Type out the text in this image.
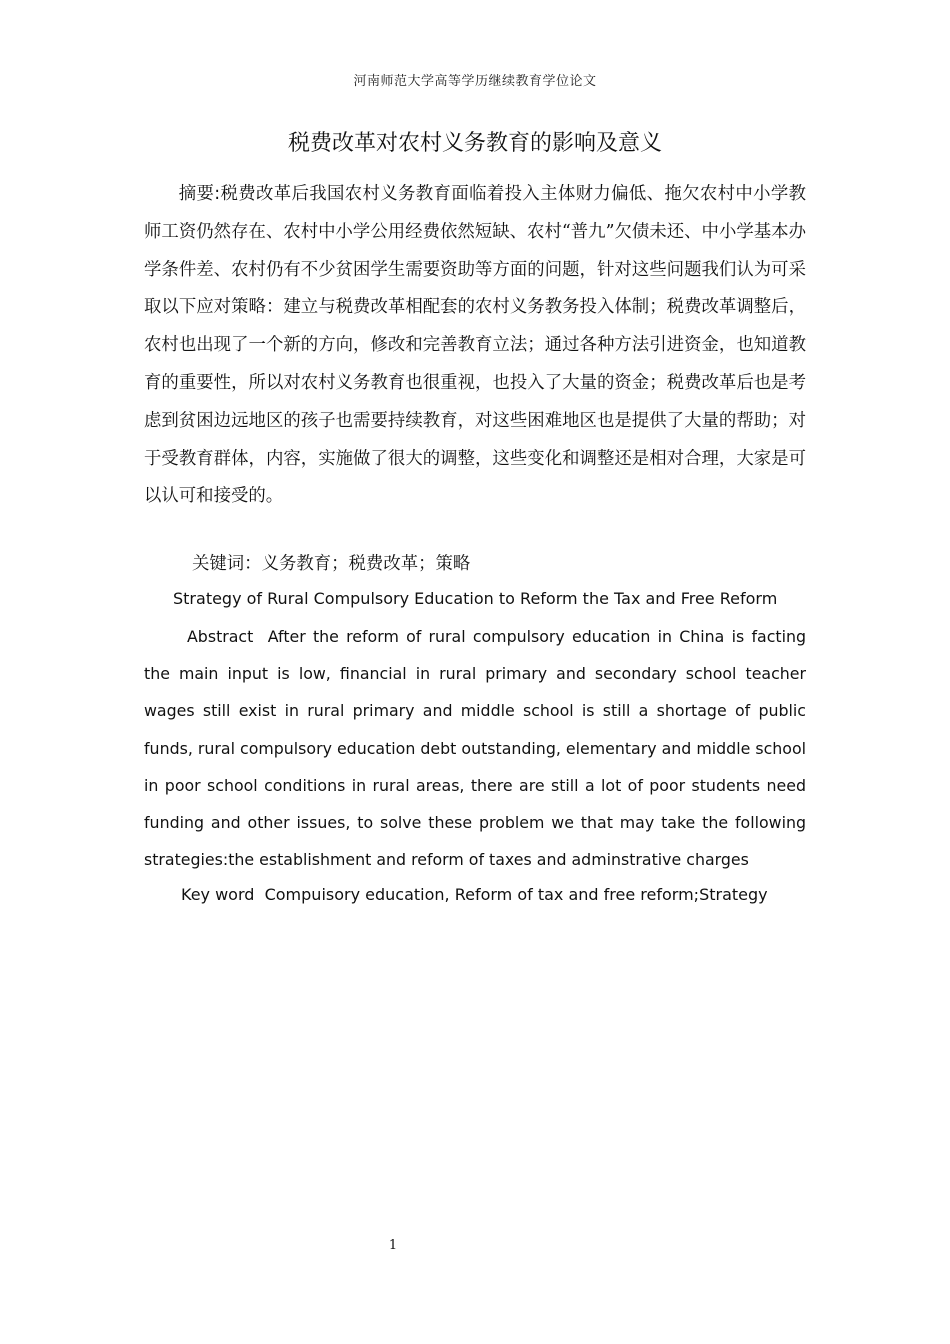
河南师范大学高等学历继续教育学位论文
税费改革对农村义务教育的影响及意义

摘要:税费改革后我国农村义务教育面临着投入主体财力偏低、拖欠农村中小学教师工资仍然存在、农村中小学公用经费依然短缺、农村“普九”欠债未还、中小学基本办学条件差、农村仍有不少贫困学生需要资助等方面的问题，针对这些问题我们认为可采取以下应对策略：建立与税费改革相配套的农村义务教务投入体制；税费改革调整后，农村也出现了一个新的方向，修改和完善教育立法；通过各种方法引进资金，也知道教育的重要性，所以对农村义务教育也很重视，也投入了大量的资金；税费改革后也是考虑到贫困边远地区的孩子也需要持续教育，对这些困难地区也是提供了大量的帮助；对于受教育群体，内容，实施做了很大的调整，这些变化和调整还是相对合理，大家是可以认可和接受的。

关键词：义务教育；税费改革；策略

Strategy of Rural Compulsory Education to Reform the Tax and Free Reform

Abstract After the reform of rural compulsory education in China is facting the main input is low, financial in rural primary and secondary school teacher wages still exist in rural primary and middle school is still a shortage of public funds, rural compulsory education debt outstanding, elementary and middle school in poor school conditions in rural areas, there are still a lot of poor students need funding and other issues, to solve these problem we that may take the following strategies:the establishment and reform of taxes and adminstrative charges

Key word Compuisory education, Reform of tax and free reform;Strategy

1
